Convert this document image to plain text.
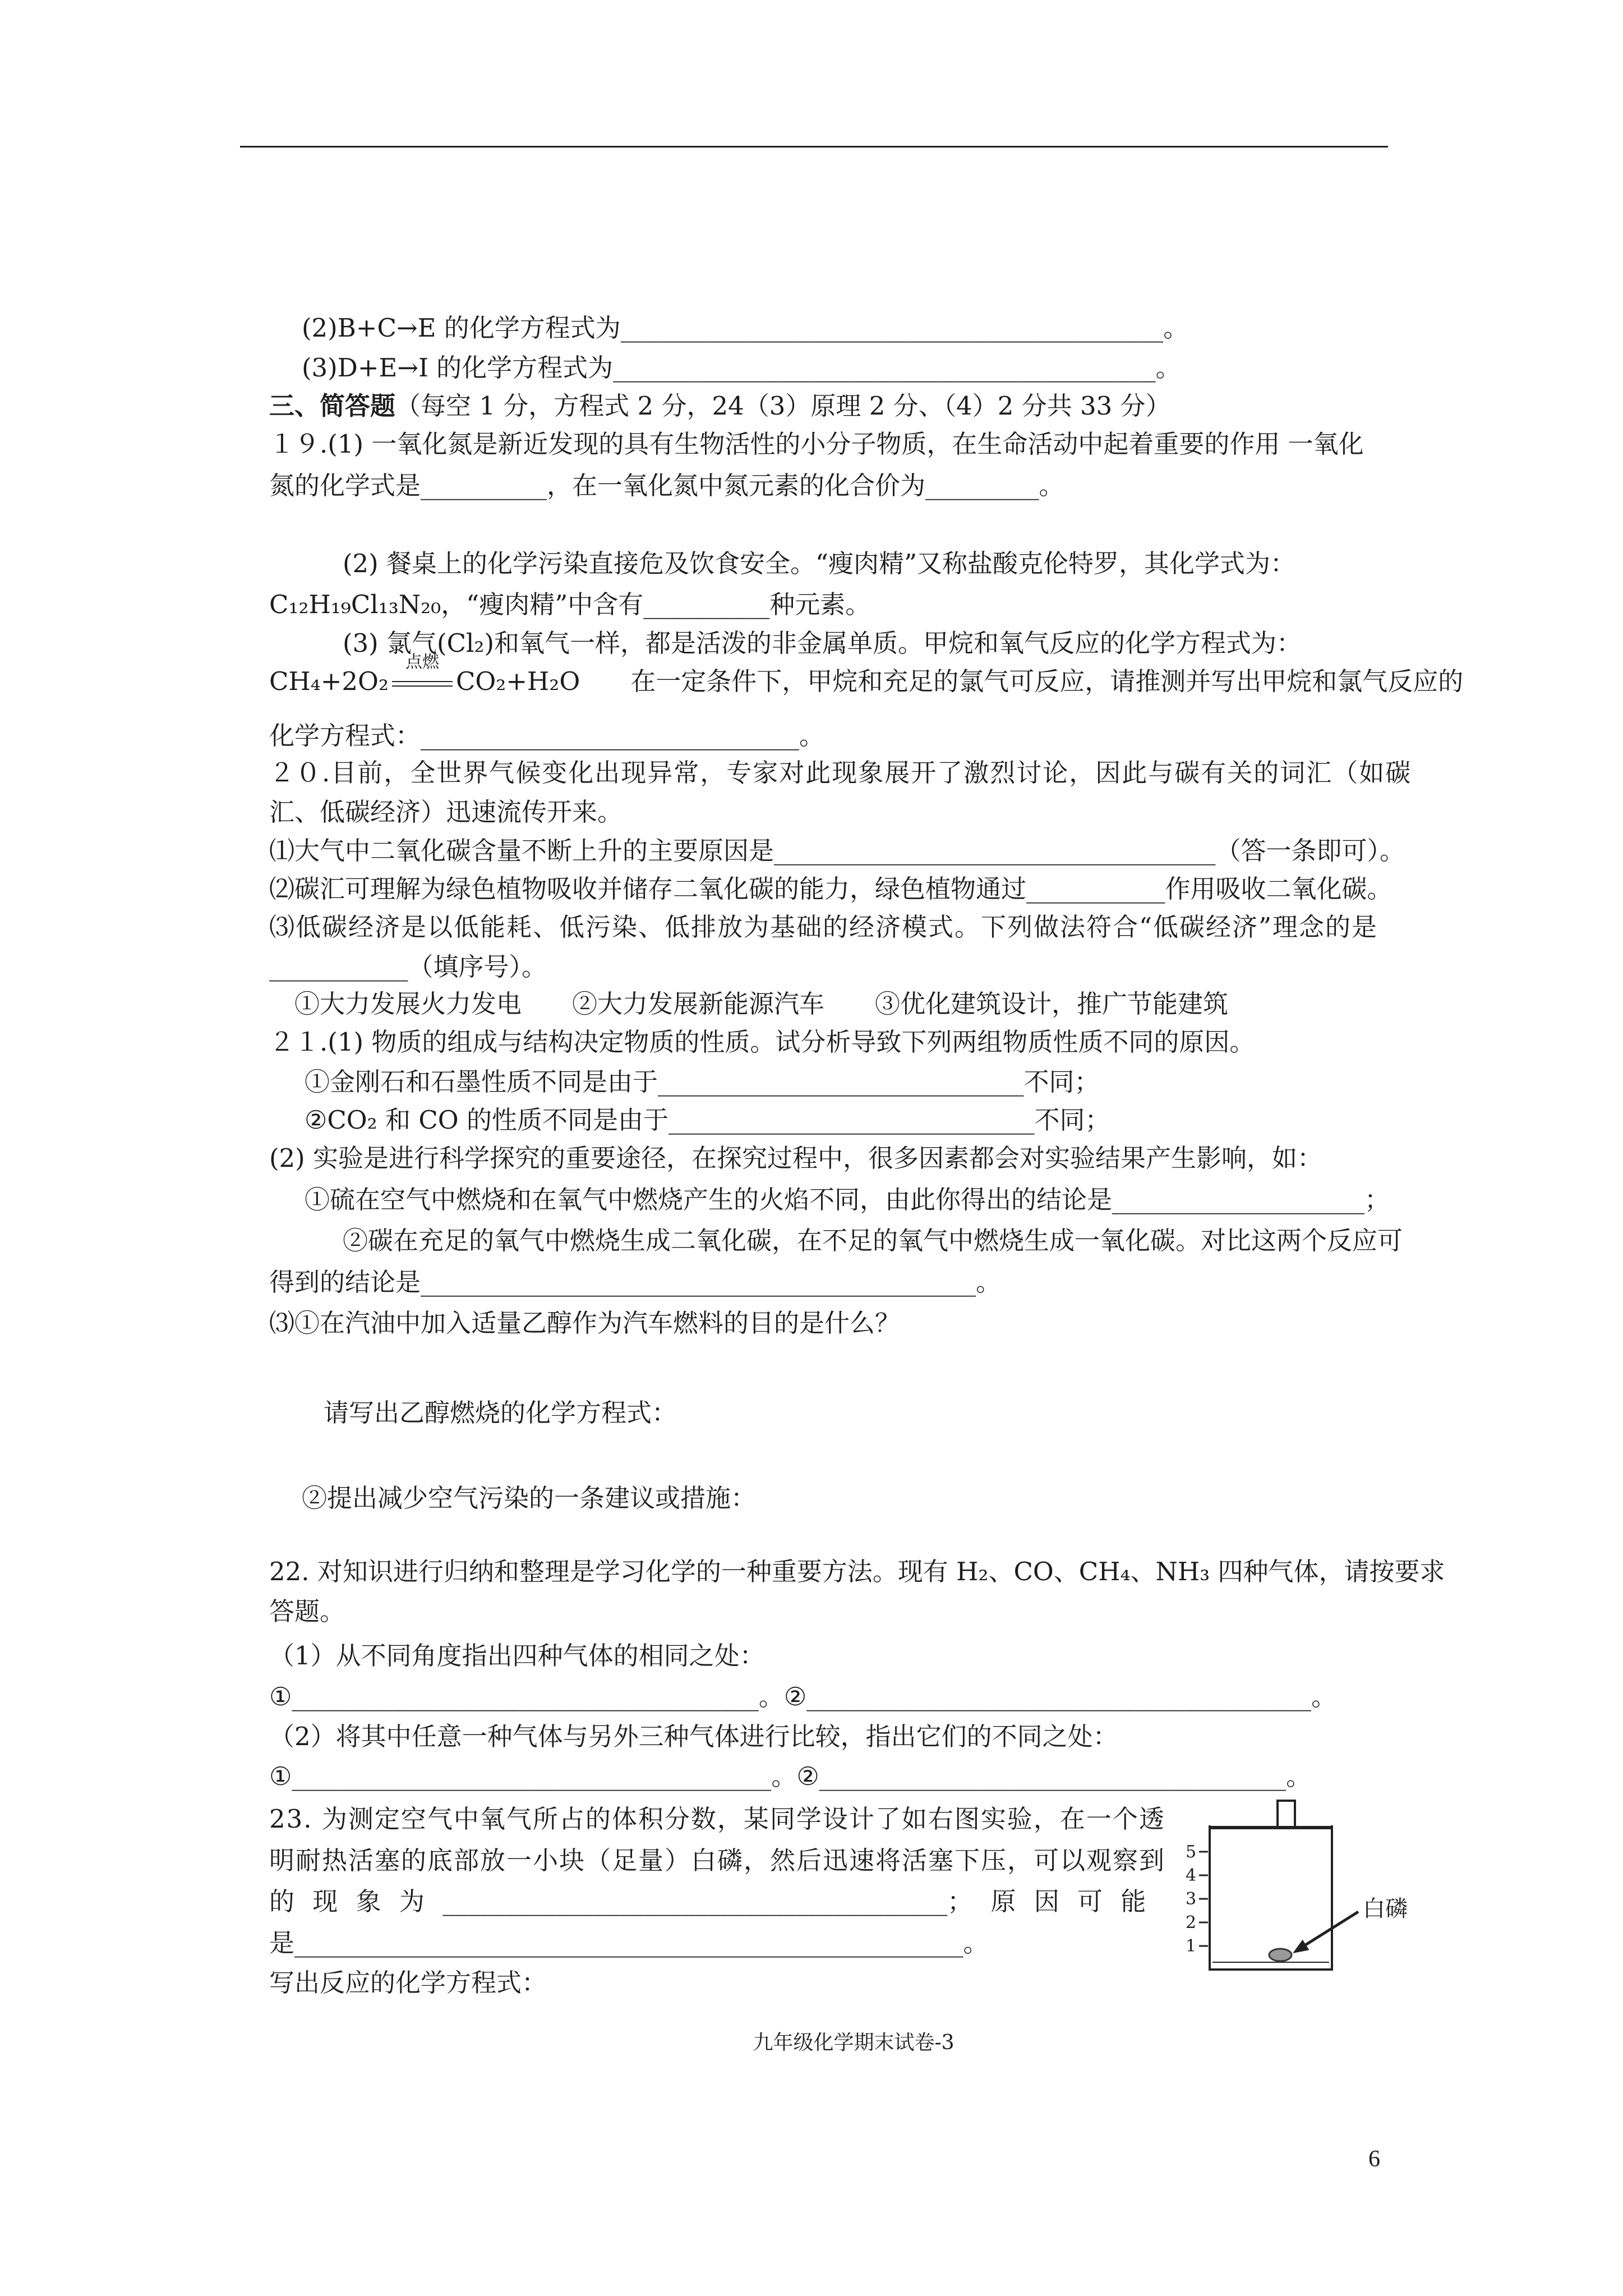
(2)B+C→E 的化学方程式为___________________________________________。
(3)D+E→I 的化学方程式为___________________________________________。
三、简答题（每空 1 分，方程式 2 分，24（3）原理 2 分、（4）2 分共 33 分）
１９.(1) 一氧化氮是新近发现的具有生物活性的小分子物质，在生命活动中起着重要的作用 一氧化
氮的化学式是__________，在一氧化氮中氮元素的化合价为_________。
(2) 餐桌上的化学污染直接危及饮食安全。“瘦肉精”又称盐酸克伦特罗，其化学式为：
C₁₂H₁₉Cl₁₃N₂₀，“瘦肉精”中含有__________种元素。
(3) 氯气(Cl₂)和氧气一样，都是活泼的非金属单质。甲烷和氧气反应的化学方程式为：
CH₄+2O₂
点燃
CO₂+H₂O 在一定条件下，甲烷和充足的氯气可反应，请推测并写出甲烷和氯气反应的
化学方程式：______________________________。
２０.目前，全世界气候变化出现异常，专家对此现象展开了激烈讨论，因此与碳有关的词汇（如碳
汇、低碳经济）迅速流传开来。
⑴大气中二氧化碳含量不断上升的主要原因是___________________________________（答一条即可）。
⑵碳汇可理解为绿色植物吸收并储存二氧化碳的能力，绿色植物通过___________作用吸收二氧化碳。
⑶低碳经济是以低能耗、低污染、低排放为基础的经济模式。下列做法符合“低碳经济”理念的是
___________（填序号）。
①大力发展火力发电　　②大力发展新能源汽车　　③优化建筑设计，推广节能建筑
２１.(1) 物质的组成与结构决定物质的性质。试分析导致下列两组物质性质不同的原因。
①金刚石和石墨性质不同是由于_____________________________不同；
②CO₂ 和 CO 的性质不同是由于_____________________________不同；
(2) 实验是进行科学探究的重要途径，在探究过程中，很多因素都会对实验结果产生影响，如：
①硫在空气中燃烧和在氧气中燃烧产生的火焰不同，由此你得出的结论是____________________；
②碳在充足的氧气中燃烧生成二氧化碳，在不足的氧气中燃烧生成一氧化碳。对比这两个反应可
得到的结论是____________________________________________。
⑶①在汽油中加入适量乙醇作为汽车燃料的目的是什么？
请写出乙醇燃烧的化学方程式：
②提出减少空气污染的一条建议或措施：
22. 对知识进行归纳和整理是学习化学的一种重要方法。现有 H₂、CO、CH₄、NH₃ 四种气体，请按要求
答题。
（1）从不同角度指出四种气体的相同之处：
①_____________________________________。②________________________________________。
（2）将其中任意一种气体与另外三种气体进行比较，指出它们的不同之处：
①______________________________________。②_____________________________________。
23. 为测定空气中氧气所占的体积分数，某同学设计了如右图实验，在一个透
明耐热活塞的底部放一小块（足量）白磷，然后迅速将活塞下压，可以观察到
的 现 象 为 ________________________________________； 原 因 可 能
是_____________________________________________________。
写出反应的化学方程式：
5
4
3
2
1
白磷
九年级化学期末试卷-3
6
